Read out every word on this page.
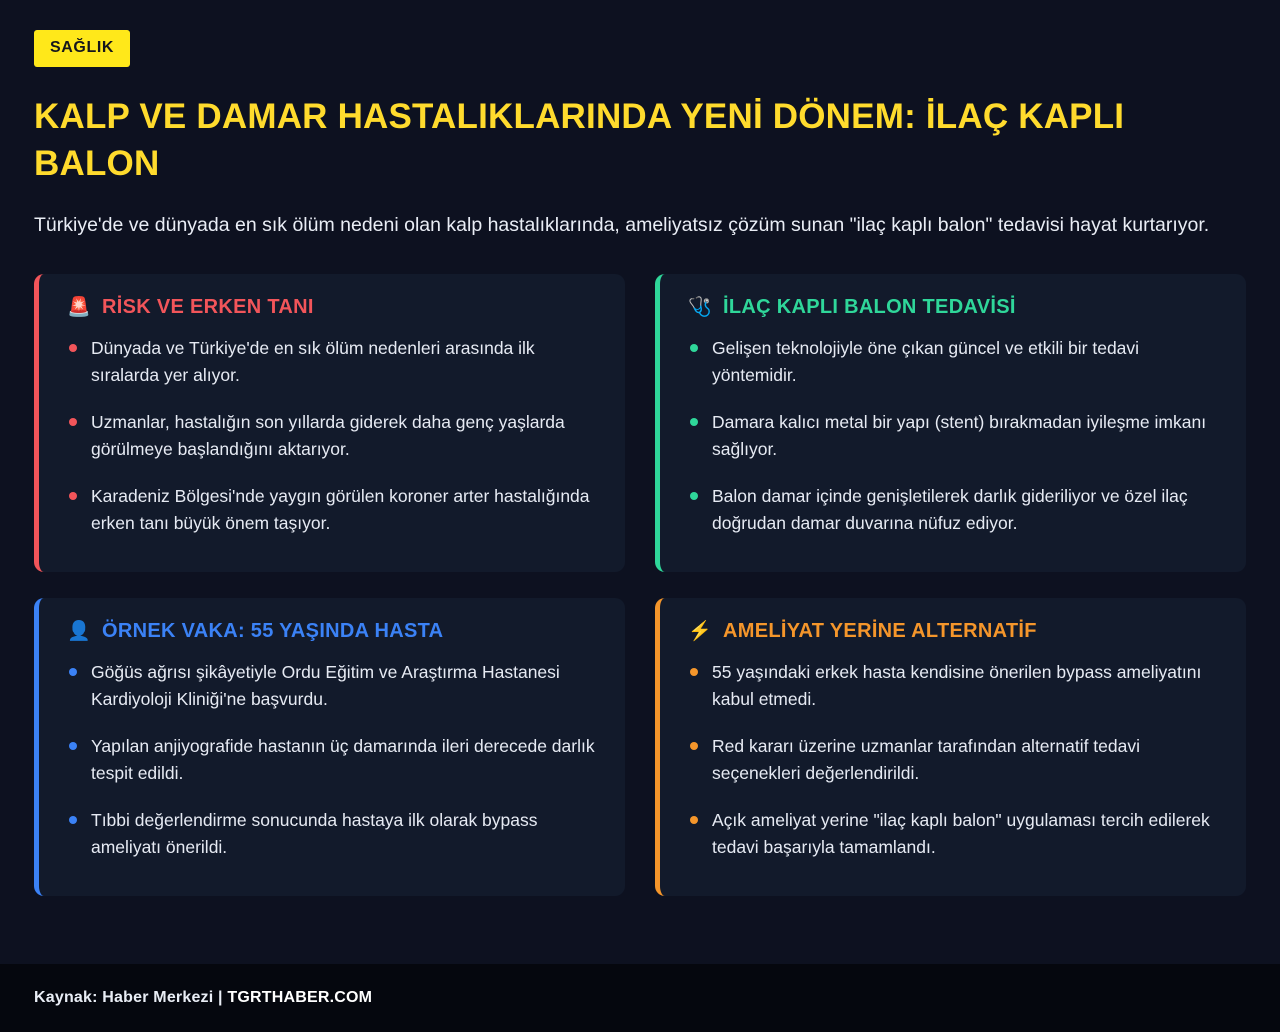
SAĞLIK
KALP VE DAMAR HASTALIKLARINDA YENİ DÖNEM: İLAÇ KAPLI BALON

Türkiye'de ve dünyada en sık ölüm nedeni olan kalp hastalıklarında, ameliyatsız çözüm sunan "ilaç kaplı balon" tedavisi hayat kurtarıyor.

🚨 RİSK VE ERKEN TANI
Dünyada ve Türkiye'de en sık ölüm nedenleri arasında ilk sıralarda yer alıyor.
Uzmanlar, hastalığın son yıllarda giderek daha genç yaşlarda görülmeye başlandığını aktarıyor.
Karadeniz Bölgesi'nde yaygın görülen koroner arter hastalığında erken tanı büyük önem taşıyor.
🩺 İLAÇ KAPLI BALON TEDAVİSİ
Gelişen teknolojiyle öne çıkan güncel ve etkili bir tedavi yöntemidir.
Damara kalıcı metal bir yapı (stent) bırakmadan iyileşme imkanı sağlıyor.
Balon damar içinde genişletilerek darlık gideriliyor ve özel ilaç doğrudan damar duvarına nüfuz ediyor.
👤 ÖRNEK VAKA: 55 YAŞINDA HASTA
Göğüs ağrısı şikâyetiyle Ordu Eğitim ve Araştırma Hastanesi Kardiyoloji Kliniği'ne başvurdu.
Yapılan anjiyografide hastanın üç damarında ileri derecede darlık tespit edildi.
Tıbbi değerlendirme sonucunda hastaya ilk olarak bypass ameliyatı önerildi.
⚡ AMELİYAT YERİNE ALTERNATİF
55 yaşındaki erkek hasta kendisine önerilen bypass ameliyatını kabul etmedi.
Red kararı üzerine uzmanlar tarafından alternatif tedavi seçenekleri değerlendirildi.
Açık ameliyat yerine "ilaç kaplı balon" uygulaması tercih edilerek tedavi başarıyla tamamlandı.
Kaynak: Haber Merkezi | TGRTHABER.COM
